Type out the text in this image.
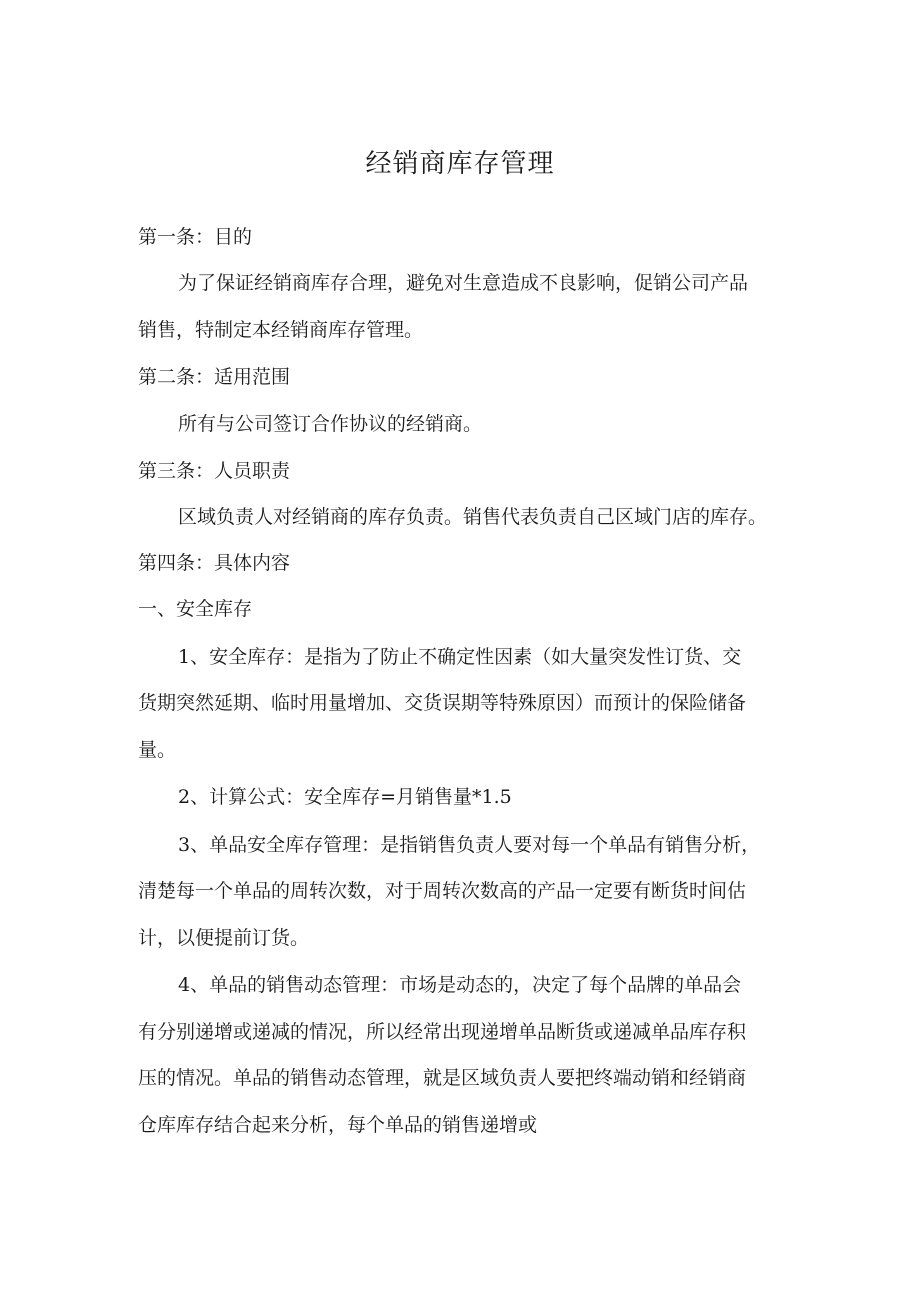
经销商库存管理
第一条：目的
为了保证经销商库存合理，避免对生意造成不良影响，促销公司产品
销售，特制定本经销商库存管理。
第二条：适用范围
所有与公司签订合作协议的经销商。
第三条：人员职责
区域负责人对经销商的库存负责。销售代表负责自己区域门店的库存。
第四条：具体内容
一、安全库存
1、安全库存：是指为了防止不确定性因素（如大量突发性订货、交
货期突然延期、临时用量增加、交货误期等特殊原因）而预计的保险储备
量。
2、计算公式：安全库存=月销售量*1.5
3、单品安全库存管理：是指销售负责人要对每一个单品有销售分析，
清楚每一个单品的周转次数，对于周转次数高的产品一定要有断货时间估
计，以便提前订货。
4、单品的销售动态管理：市场是动态的，决定了每个品牌的单品会
有分别递增或递减的情况，所以经常出现递增单品断货或递减单品库存积
压的情况。单品的销售动态管理，就是区域负责人要把终端动销和经销商
仓库库存结合起来分析，每个单品的销售递增或
